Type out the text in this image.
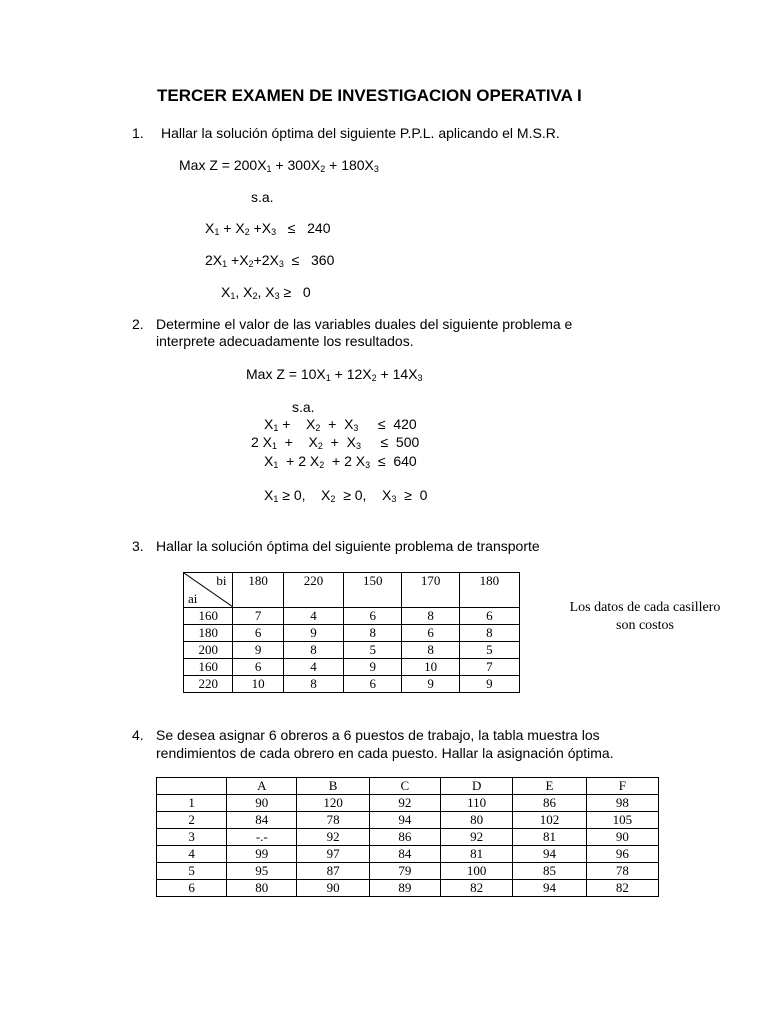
TERCER EXAMEN DE INVESTIGACION OPERATIVA I
1. Hallar la solución óptima del siguiente P.P.L. aplicando el M.S.R.
Max $Z = 200X_1 + 300X_2 + 180X_3$
s.a.
$X_1 + X_2 +X_3 \le 240$
$2X_1 +X_2+2X_3 \le 360$
$X_1$, $X_2$, $X_3 \ge 0$
2. Determine el valor de las variables duales del siguiente problema e
interprete adecuadamente los resultados.
Max $Z = 10X_1 + 12X_2 + 14X_3$
s.a.
$X_1$ +    $X_2 + X_3$     ≤  420
2 $X_1$  +    $X_2 + X_3$     ≤  500
$X_1 + 2$ $X_2 + 2$ $X_3 \le 640$
$X_1 \ge 0$,    $X_2 \ge 0$,    $X_3 \ge 0$
3. Hallar la solución óptima del siguiente problema de transporte
bi
ai	180	220	150	170	180
160	7	4	6	8	6
180	6	9	8	6	8
200	9	8	5	8	5
160	6	4	9	10	7
220	10	8	6	9	9
Los datos de cada casillero
son costos
4. Se desea asignar 6 obreros a 6 puestos de trabajo, la tabla muestra los
rendimientos de cada obrero en cada puesto. Hallar la asignación óptima.
	A	B	C	D	E	F
1	90	120	92	110	86	98
2	84	78	94	80	102	105
3	-.-	92	86	92	81	90
4	99	97	84	81	94	96
5	95	87	79	100	85	78
6	80	90	89	82	94	82
